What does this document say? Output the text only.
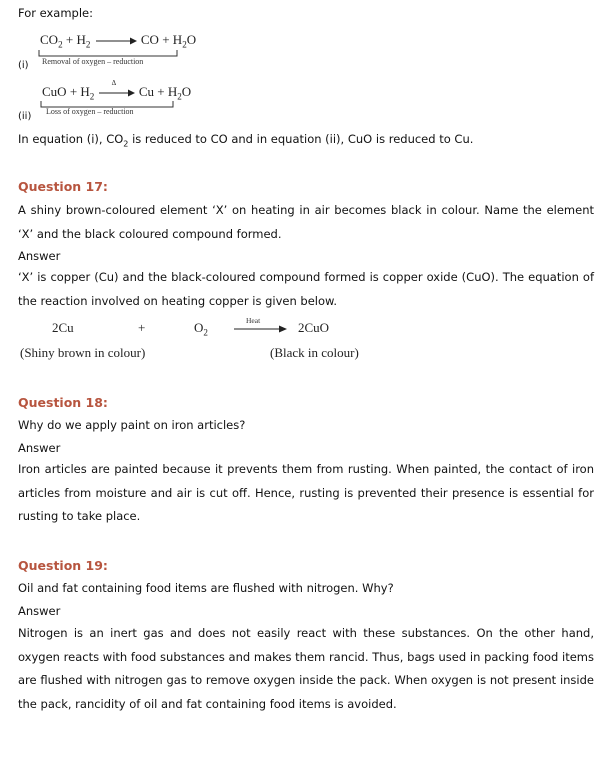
For example:
$CO_2 + H_2$	CO + $H_2O$
(i) Removal of oxygen – reduction
CuO + $H_2$
Δ
$Cu + H_2O$
(ii) Loss of oxygen – reduction
In equation (i), $CO_2$ is reduced to CO and in equation (ii), CuO is reduced to Cu.
Question 17:
A shiny brown-coloured element ‘X’ on heating in air becomes black in colour. Name the element ‘X’ and the black coloured compound formed.
Answer
‘X’ is copper (Cu) and the black-coloured compound formed is copper oxide (CuO). The equation of the reaction involved on heating copper is given below.
2Cu	+	$O_2$
Heat	2CuO
(Shiny brown in colour)	(Black in colour)
Question 18:
Why do we apply paint on iron articles?
Answer
Iron articles are painted because it prevents them from rusting. When painted, the contact of iron articles from moisture and air is cut off. Hence, rusting is prevented their presence is essential for rusting to take place.
Question 19:
Oil and fat containing food items are flushed with nitrogen. Why?
Answer
Nitrogen is an inert gas and does not easily react with these substances. On the other hand, oxygen reacts with food substances and makes them rancid. Thus, bags used in packing food items are flushed with nitrogen gas to remove oxygen inside the pack. When oxygen is not present inside the pack, rancidity of oil and fat containing food items is avoided.
